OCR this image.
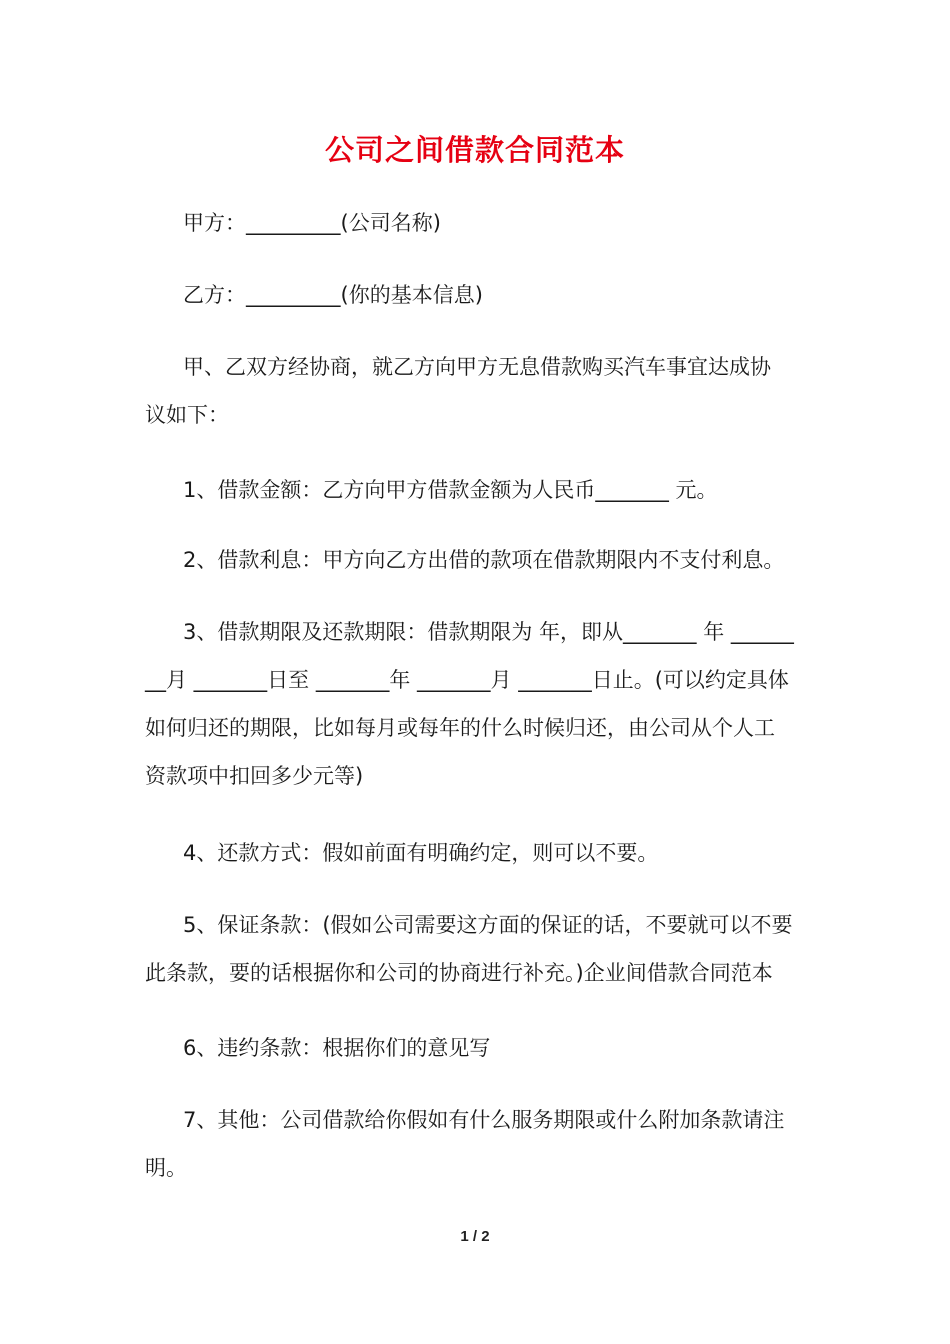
公司之间借款合同范本
甲方：_________(公司名称)
乙方：_________(你的基本信息)
甲、乙双方经协商，就乙方向甲方无息借款购买汽车事宜达成协
议如下：
1、借款金额：乙方向甲方借款金额为人民币_______ 元。
2、借款利息：甲方向乙方出借的款项在借款期限内不支付利息。
3、借款期限及还款期限：借款期限为 年，即从_______ 年 ______
__月 _______日至 _______年 _______月 _______日止。(可以约定具体
如何归还的期限，比如每月或每年的什么时候归还，由公司从个人工
资款项中扣回多少元等)
4、还款方式：假如前面有明确约定，则可以不要。
5、保证条款：(假如公司需要这方面的保证的话，不要就可以不要
此条款，要的话根据你和公司的协商进行补充。)企业间借款合同范本
6、违约条款：根据你们的意见写
7、其他：公司借款给你假如有什么服务期限或什么附加条款请注
明。
1 / 2
